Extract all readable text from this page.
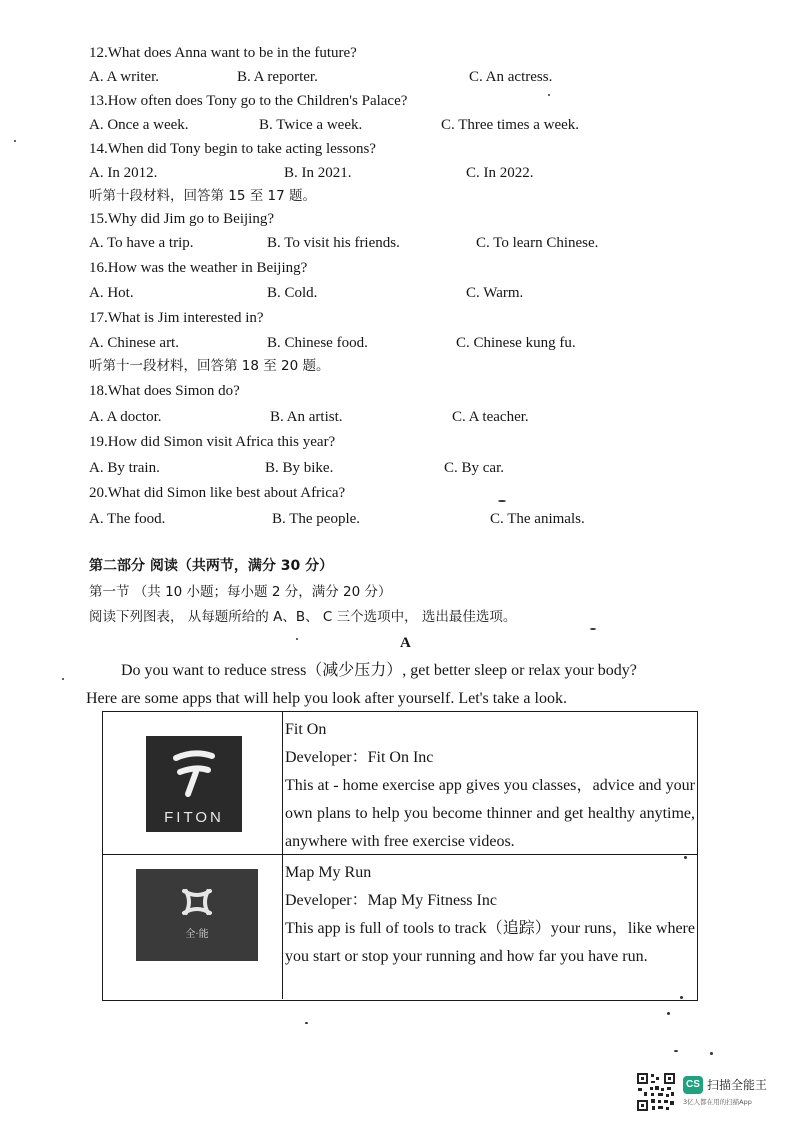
12.What does Anna want to be in the future?
A. A writer.	B. A reporter.	C. An actress.
13.How often does Tony go to the Children's Palace?
A. Once a week.	B. Twice a week.	C. Three times a week.
14.When did Tony begin to take acting lessons?
A. In 2012.	B. In 2021.	C. In 2022.
听第十段材料，回答第 15 至 17 题。
15.Why did Jim go to Beijing?
A. To have a trip.	B. To visit his friends.	C. To learn Chinese.
16.How was the weather in Beijing?
A. Hot.	B. Cold.	C. Warm.
17.What is Jim interested in?
A. Chinese art.	B. Chinese food.	C. Chinese kung fu.
听第十一段材料，回答第 18 至 20 题。
18.What does Simon do?
A. A doctor.	B. An artist.	C. A teacher.
19.How did Simon visit Africa this year?
A. By train.	B. By bike.	C. By car.
20.What did Simon like best about Africa?
A. The food.	B. The people.	C. The animals.
第二部分 阅读（共两节，满分 30 分）
第一节 （共 10 小题；每小题 2 分，满分 20 分）
阅读下列图表， 从每题所给的 A、B、 C 三个选项中， 选出最佳选项。
A
Do you want to reduce stress（减少压力）, get better sleep or relax your body?
Here are some apps that will help you look after yourself. Let's take a look.
FITON
Fit On
Developer：Fit On Inc
This at - home exercise app gives you classes，advice and your own plans to help you become thinner and get healthy anytime, anywhere with free exercise videos.
全·能
Map My Run
Developer：Map My Fitness Inc
This app is full of tools to track（追踪）your runs，like where you start or stop your running and how far you have run.
CS 扫描全能王
3亿人都在用的扫描App
